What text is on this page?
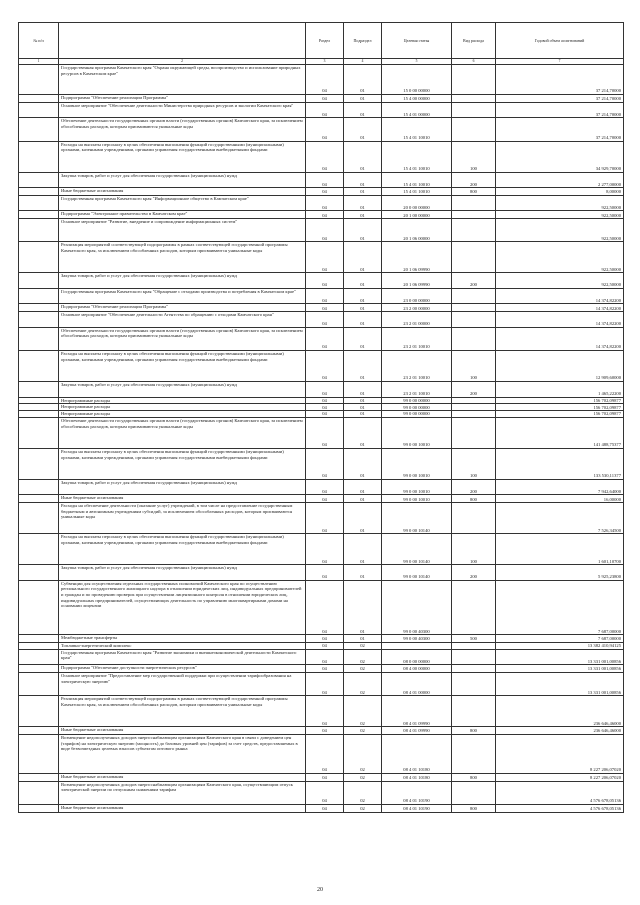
№ п/п		Раздел	Подраздел	Целевая статья	Вид расхода	Годовой объем ассигнований
1	2	3	4	5	6	7
	Государственная программа Камчатского края "Охрана окружающей среды, воспроизводство и использование природных ресурсов в Камчатском крае"	04	01	15 0 00 00000		37 214,70000
	Подпрограмма "Обеспечение реализации Программы"	04	01	15 4 00 00000		37 214,70000
	Основное мероприятие "Обеспечение деятельности Министерства природных ресурсов и экологии Камчатского края"	04	01	15 4 01 00000		37 214,70000
	Обеспечение деятельности государственных органов власти (государственных органов) Камчатского края, за исключением обособленных расходов, которым присваиваются уникальные коды	04	01	15 4 01 10010		37 214,70000
	Расходы на выплаты персоналу в целях обеспечения выполнения функций государственными (муниципальными) органами, казенными учреждениями, органами управления государственными внебюджетными фондами	04	01	15 4 01 10010	100	34 929,70000
	Закупка товаров, работ и услуг для обеспечения государственных (муниципальных) нужд	04	01	15 4 01 10010	200	2 277,00000
	Иные бюджетные ассигнования	04	01	15 4 01 10010	800	8,00000
	Государственная программа Камчатского края "Информационное общество в Камчатском крае"	04	01	20 0 00 00000		922,50000
	Подпрограмма "Электронное правительство в Камчатском крае"	04	01	20 1 00 00000		922,50000
	Основное мероприятие "Развитие, внедрение и сопровождение информационных систем"	04	01	20 1 06 00000		922,50000
	Реализация мероприятий соответствующей подпрограммы в рамках соответствующей государственной программы Камчатского края, за исключением обособленных расходов, которым присваиваются уникальные коды	04	01	20 1 06 09990		922,50000
	Закупка товаров, работ и услуг для обеспечения государственных (муниципальных) нужд	04	01	20 1 06 09990	200	922,50000
	Государственная программа Камчатского края "Обращение с отходами производства и потребления в Камчатском крае"	04	01	23 0 00 00000		14 374,82200
	Подпрограмма "Обеспечение реализации Программы"	04	01	23 2 00 00000		14 374,82200
	Основное мероприятие "Обеспечение деятельности Агентства по обращению с отходами Камчатского края"	04	01	23 2 01 00000		14 374,82200
	Обеспечение деятельности государственных органов власти (государственных органов) Камчатского края, за исключением обособленных расходов, которым присваиваются уникальные коды	04	01	23 2 01 10010		14 374,82200
	Расходы на выплаты персоналу в целях обеспечения выполнения функций государственными (муниципальными) органами, казенными учреждениями, органами управления государственными внебюджетными фондами	04	01	23 2 01 10010	100	12 909,60000
	Закупка товаров, работ и услуг для обеспечения государственных (муниципальных) нужд	04	01	23 2 01 10010	200	1 465,22200
	Непрограммные расходы	04	01	99 0 00 00000		156 702,09877
	Непрограммные расходы	04	01	99 0 00 00000		156 702,09877
	Непрограммные расходы	04	01	99 0 00 00000		156 702,09877
	Обеспечение деятельности государственных органов власти (государственных органов) Камчатского края, за исключением обособленных расходов, которым присваиваются уникальные коды	04	01	99 0 00 10010		141 488,75377
	Расходы на выплаты персоналу в целях обеспечения выполнения функций государственными (муниципальными) органами, казенными учреждениями, органами управления государственными внебюджетными фондами	04	01	99 0 00 10010	100	133 530,11377
	Закупка товаров, работ и услуг для обеспечения государственных (муниципальных) нужд	04	01	99 0 00 10010	200	7 942,64000
	Иные бюджетные ассигнования	04	01	99 0 00 10010	800	16,00000
	Расходы на обеспечение деятельности (оказание услуг) учреждений, в том числе на предоставление государственным бюджетным и автономным учреждениям субсидий, за исключением обособленных расходов, которым присваиваются уникальные коды	04	01	99 0 00 10140		7 526,34500
	Расходы на выплаты персоналу в целях обеспечения выполнения функций государственными (муниципальными) органами, казенными учреждениями, органами управления государственными внебюджетными фондами	04	01	99 0 00 10140	100	1 601,10700
	Закупка товаров, работ и услуг для обеспечения государственных (муниципальных) нужд	04	01	99 0 00 10140	200	5 925,23800
	Субвенции для осуществления отдельных государственных полномочий Камчатского края по осуществлению регионального государственного жилищного надзора в отношении юридических лиц, индивидуальных предпринимателей и граждан и по проведению проверок при осуществлении лицензионного контроля в отношении юридических лиц, индивидуальных предпринимателей, осуществляющих деятельность по управлению многоквартирными домами на основании лицензии	04	01	99 0 00 40300		7 687,00000
	Межбюджетные трансферты	04	01	99 0 00 40300	500	7 687,00000
	Топливно-энергетический комплекс	04	02			13 382 410,94125
	Государственная программа Камчатского края "Развитие экономики и внешнеэкономической деятельности Камчатского края"	04	02	08 0 00 00000		13 331 001,00856
	Подпрограмма "Обеспечение доступности энергетических ресурсов"	04	02	08 4 00 00000		13 331 001,00856
	Основное мероприятие "Предоставление мер государственной поддержки при осуществлении тарифообразования на электрическую энергию"	04	02	08 4 01 00000		13 331 001,00856
	Реализация мероприятий соответствующей подпрограммы в рамках соответствующей государственной программы Камчатского края, за исключением обособленных расходов, которым присваиваются уникальные коды	04	02	08 4 01 09990		236 646,46000
	Иные бюджетные ассигнования	04	02	08 4 01 09990	800	236 646,46000
	Возмещение недополученных доходов энергоснабжающим организациям Камчатского края в связи с доведением цен (тарифов) на электрическую энергию (мощность) до базовых уровней цен (тарифов) за счет средств, предоставляемых в виде безвозмездных целевых взносов субъектам оптового рынка	04	02	08 4 01 10180		8 227 206,07020
	Иные бюджетные ассигнования	04	02	08 4 01 10180	800	8 227 206,07020
	Возмещение недополученных доходов энергоснабжающим организациям Камчатского края, осуществляющим отпуск электрической энергии по отпускным снижениям тарифам	04	02	08 4 01 10190		4 576 678,05136
	Иные бюджетные ассигнования	04	02	08 4 01 10190	800	4 576 678,05136
20
